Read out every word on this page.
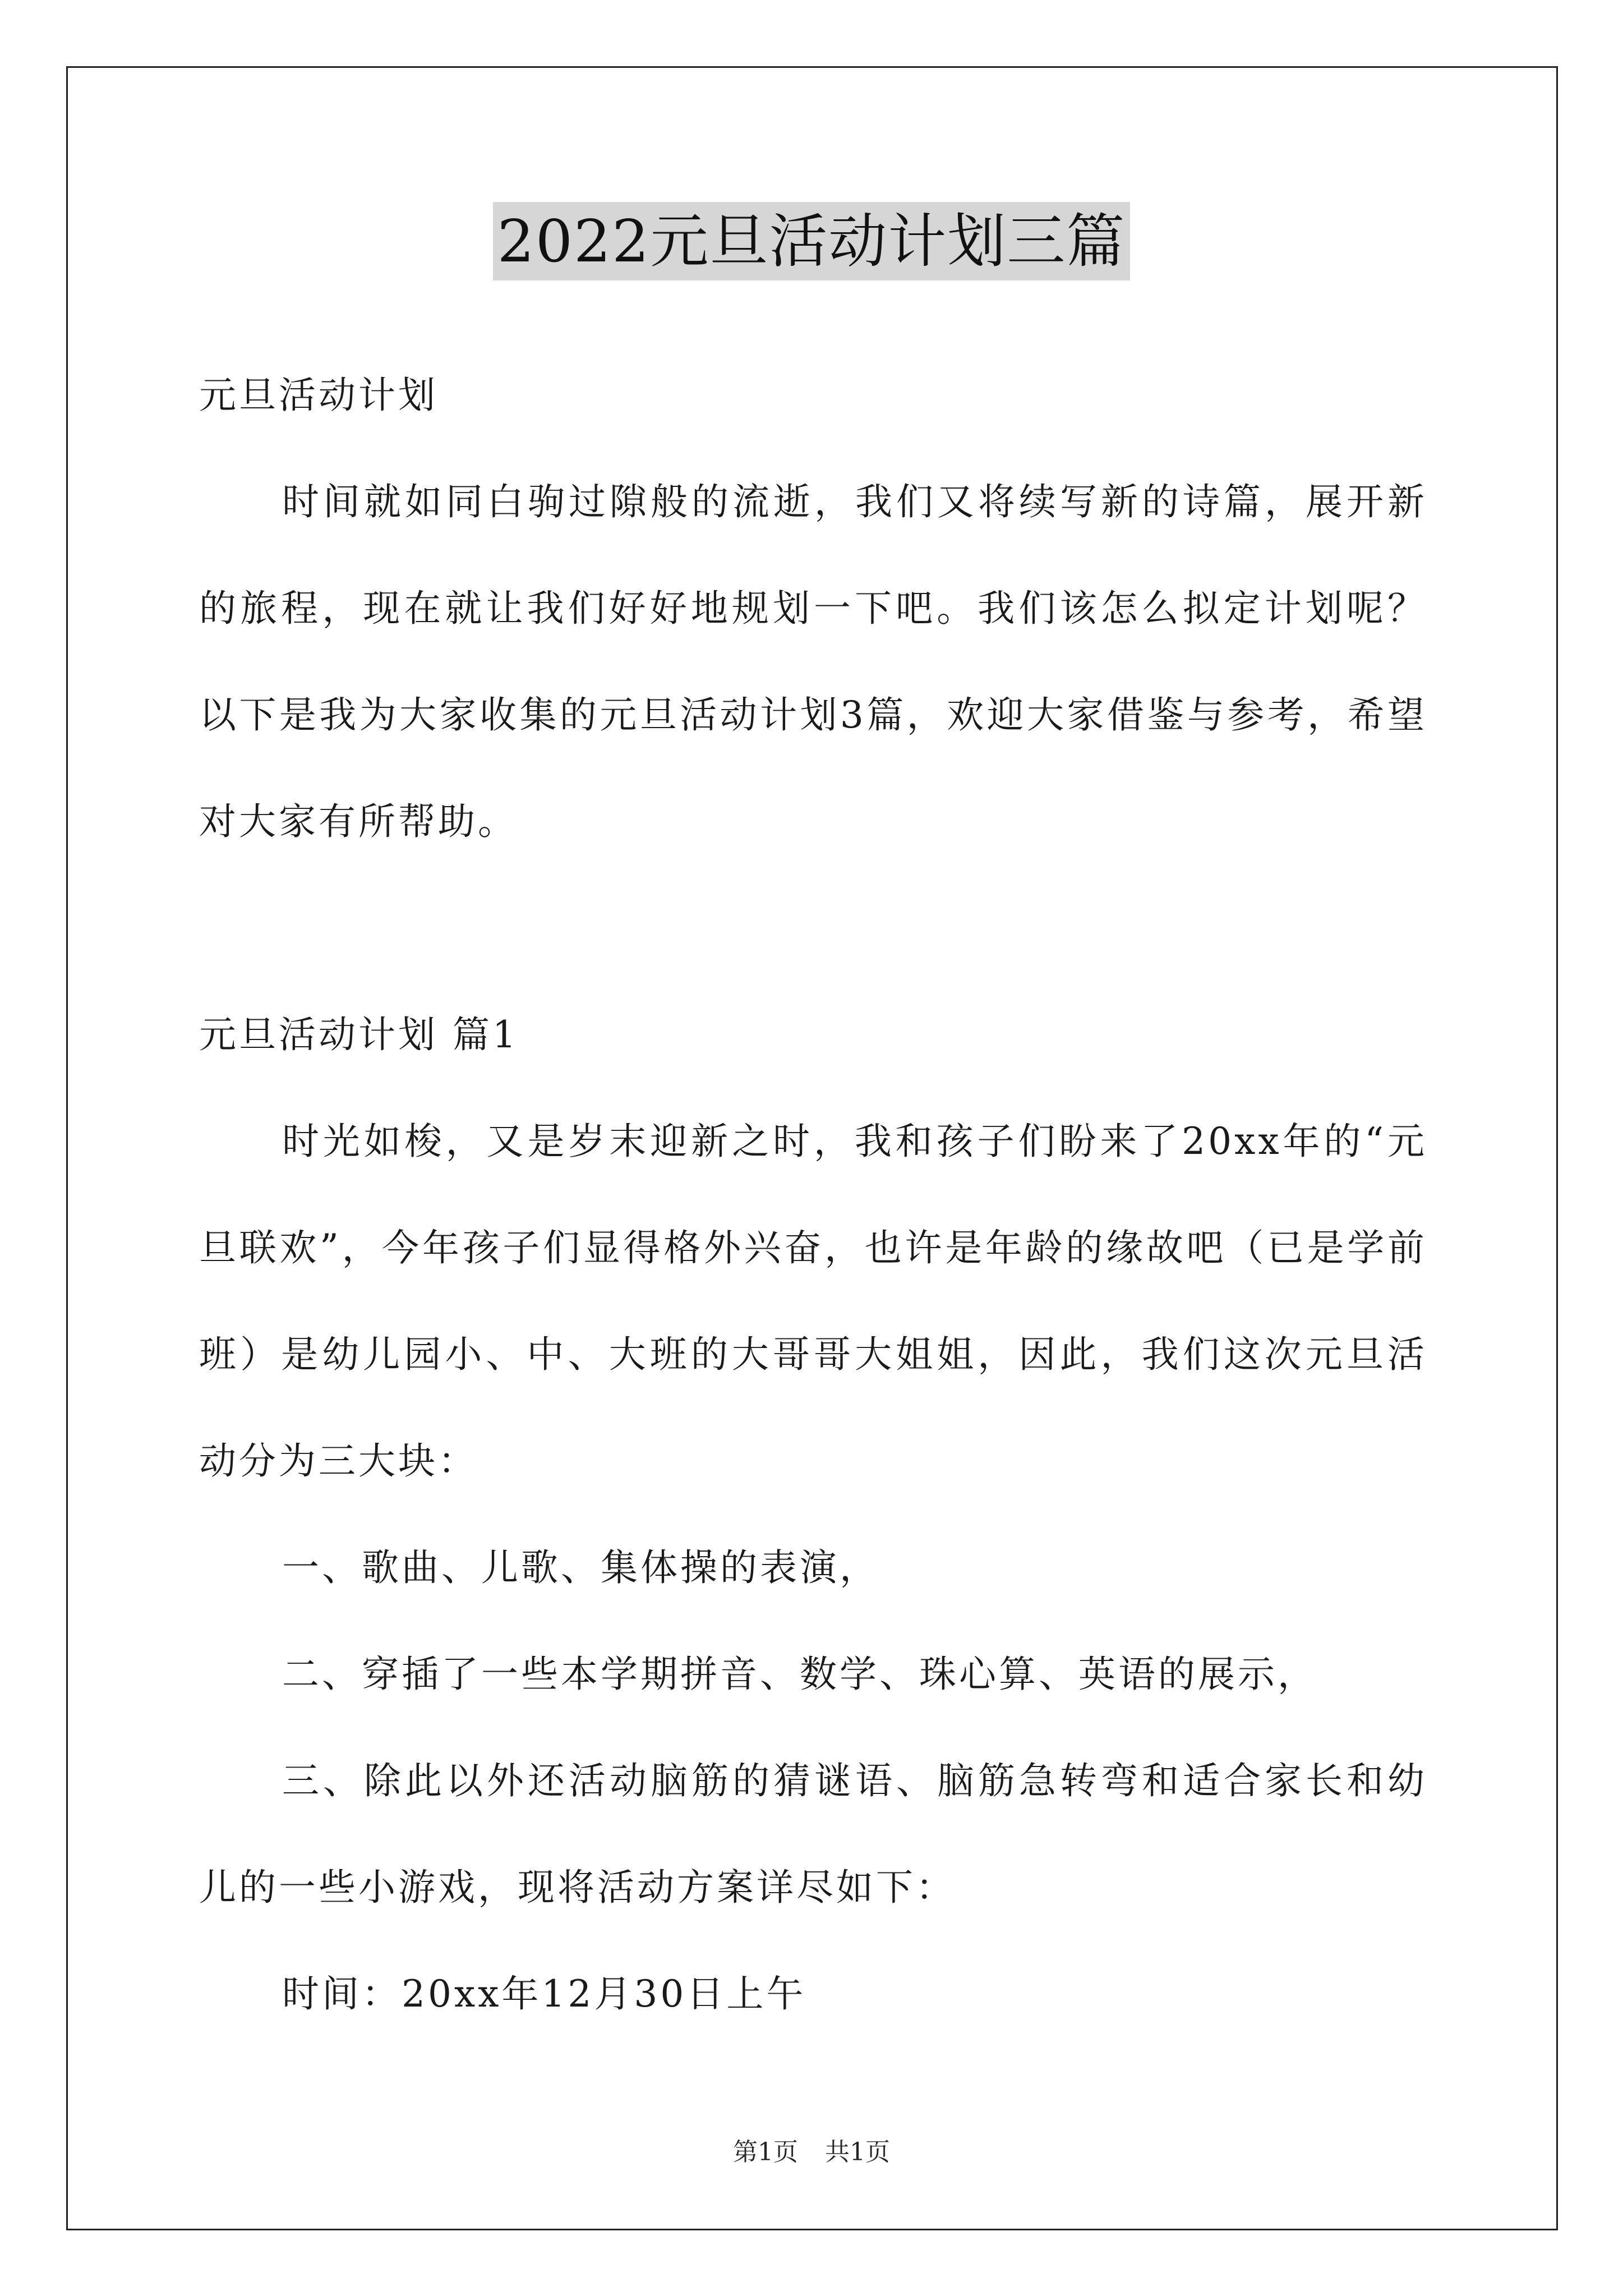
2022元旦活动计划三篇

元旦活动计划

时间就如同白驹过隙般的流逝，我们又将续写新的诗篇，展开新的旅程，现在就让我们好好地规划一下吧。我们该怎么拟定计划呢？以下是我为大家收集的元旦活动计划3篇，欢迎大家借鉴与参考，希望对大家有所帮助。

元旦活动计划 篇1

时光如梭，又是岁末迎新之时，我和孩子们盼来了20xx年的“元旦联欢”，今年孩子们显得格外兴奋，也许是年龄的缘故吧（已是学前班）是幼儿园小、中、大班的大哥哥大姐姐，因此，我们这次元旦活动分为三大块：

一、歌曲、儿歌、集体操的表演，

二、穿插了一些本学期拼音、数学、珠心算、英语的展示，

三、除此以外还活动脑筋的猜谜语、脑筋急转弯和适合家长和幼儿的一些小游戏，现将活动方案详尽如下：

时间：20xx年12月30日上午

第1页 共1页
